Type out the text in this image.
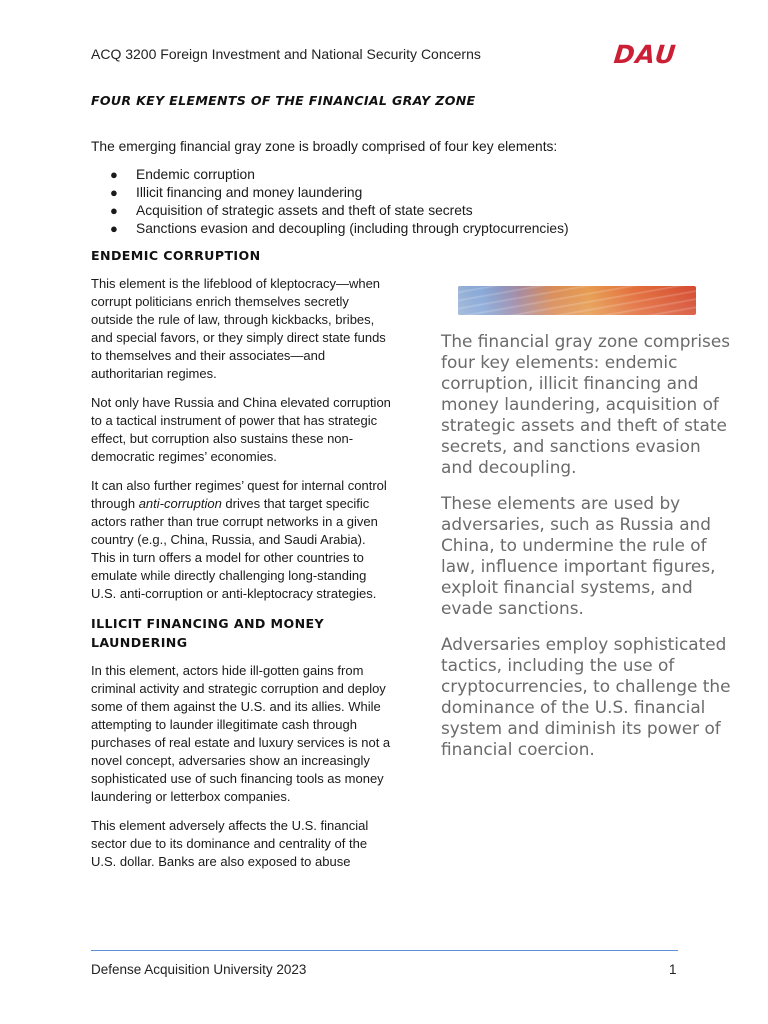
ACQ 3200 Foreign Investment and National Security Concerns	DAU
FOUR KEY ELEMENTS OF THE FINANCIAL GRAY ZONE
The emerging financial gray zone is broadly comprised of four key elements:
● Endemic corruption
● Illicit financing and money laundering
● Acquisition of strategic assets and theft of state secrets
● Sanctions evasion and decoupling (including through cryptocurrencies)
ENDEMIC CORRUPTION

This element is the lifeblood of kleptocracy—when corrupt politicians enrich themselves secretly outside the rule of law, through kickbacks, bribes, and special favors, or they simply direct state funds to themselves and their associates—and authoritarian regimes.

Not only have Russia and China elevated corruption to a tactical instrument of power that has strategic effect, but corruption also sustains these non-democratic regimes’ economies.

It can also further regimes’ quest for internal control through anti-corruption drives that target specific actors rather than true corrupt networks in a given country (e.g., China, Russia, and Saudi Arabia). This in turn offers a model for other countries to emulate while directly challenging long-standing U.S. anti-corruption or anti-kleptocracy strategies.

ILLICIT FINANCING AND MONEY LAUNDERING

In this element, actors hide ill-gotten gains from criminal activity and strategic corruption and deploy some of them against the U.S. and its allies. While attempting to launder illegitimate cash through purchases of real estate and luxury services is not a novel concept, adversaries show an increasingly sophisticated use of such financing tools as money laundering or letterbox companies.

This element adversely affects the U.S. financial sector due to its dominance and centrality of the U.S. dollar. Banks are also exposed to abuse

The financial gray zone comprises four key elements: endemic corruption, illicit financing and money laundering, acquisition of strategic assets and theft of state secrets, and sanctions evasion and decoupling.

These elements are used by adversaries, such as Russia and China, to undermine the rule of law, influence important figures, exploit financial systems, and evade sanctions.

Adversaries employ sophisticated tactics, including the use of cryptocurrencies, to challenge the dominance of the U.S. financial system and diminish its power of financial coercion.

Defense Acquisition University 2023	1
